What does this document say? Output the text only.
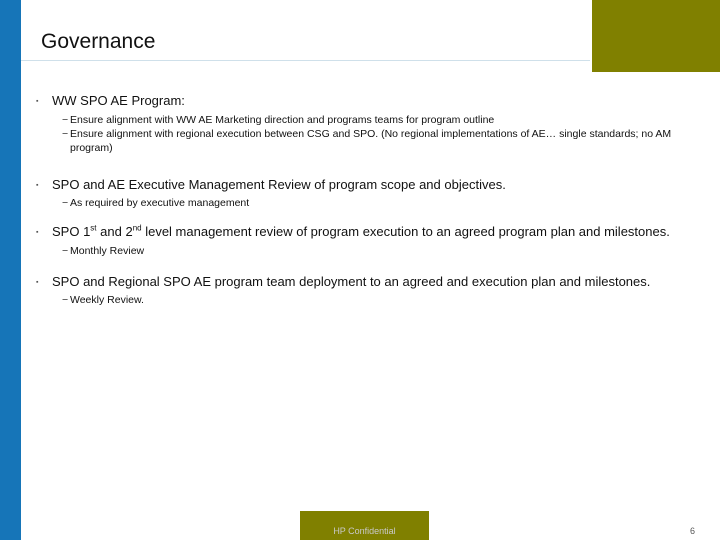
Governance
▪ WW SPO AE Program:
− Ensure alignment with WW AE Marketing direction and programs teams for program outline
− Ensure alignment with regional execution between CSG and SPO. (No regional implementations of AE… single standards; no AM program)
▪ SPO and AE Executive Management Review of program scope and objectives.
− As required by executive management
▪ SPO 1st and 2nd level management review of program execution to an agreed program plan and milestones.
− Monthly Review
▪ SPO and Regional SPO AE program team deployment to an agreed and execution plan and milestones.
− Weekly Review.
HP Confidential	6
